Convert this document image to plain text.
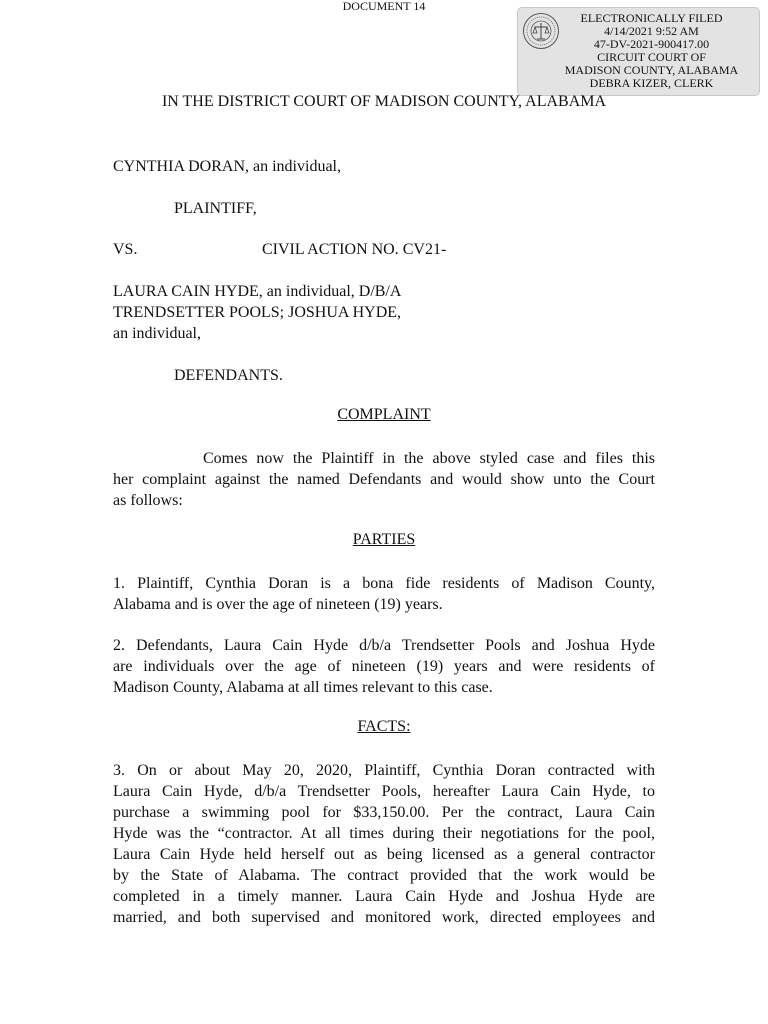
DOCUMENT 14
ELECTRONICALLY FILED
4/14/2021 9:52 AM
47-DV-2021-900417.00
CIRCUIT COURT OF
MADISON COUNTY, ALABAMA
DEBRA KIZER, CLERK
IN THE DISTRICT COURT OF MADISON COUNTY, ALABAMA
CYNTHIA DORAN, an individual,
PLAINTIFF,
VS.	CIVIL ACTION NO. CV21-
LAURA CAIN HYDE, an individual, D/B/A
TRENDSETTER POOLS; JOSHUA HYDE,
an individual,
DEFENDANTS.
COMPLAINT
Comes now the Plaintiff in the above styled case and files this
her complaint against the named Defendants and would show unto the Court
as follows:
PARTIES
1. Plaintiff, Cynthia Doran is a bona fide residents of Madison County,
Alabama and is over the age of nineteen (19) years.
2. Defendants, Laura Cain Hyde d/b/a Trendsetter Pools and Joshua Hyde
are individuals over the age of nineteen (19) years and were residents of
Madison County, Alabama at all times relevant to this case.
FACTS:
3. On or about May 20, 2020, Plaintiff, Cynthia Doran contracted with
Laura Cain Hyde, d/b/a Trendsetter Pools, hereafter Laura Cain Hyde, to
purchase a swimming pool for $33,150.00. Per the contract, Laura Cain
Hyde was the “contractor. At all times during their negotiations for the pool,
Laura Cain Hyde held herself out as being licensed as a general contractor
by the State of Alabama. The contract provided that the work would be
completed in a timely manner. Laura Cain Hyde and Joshua Hyde are
married, and both supervised and monitored work, directed employees and
